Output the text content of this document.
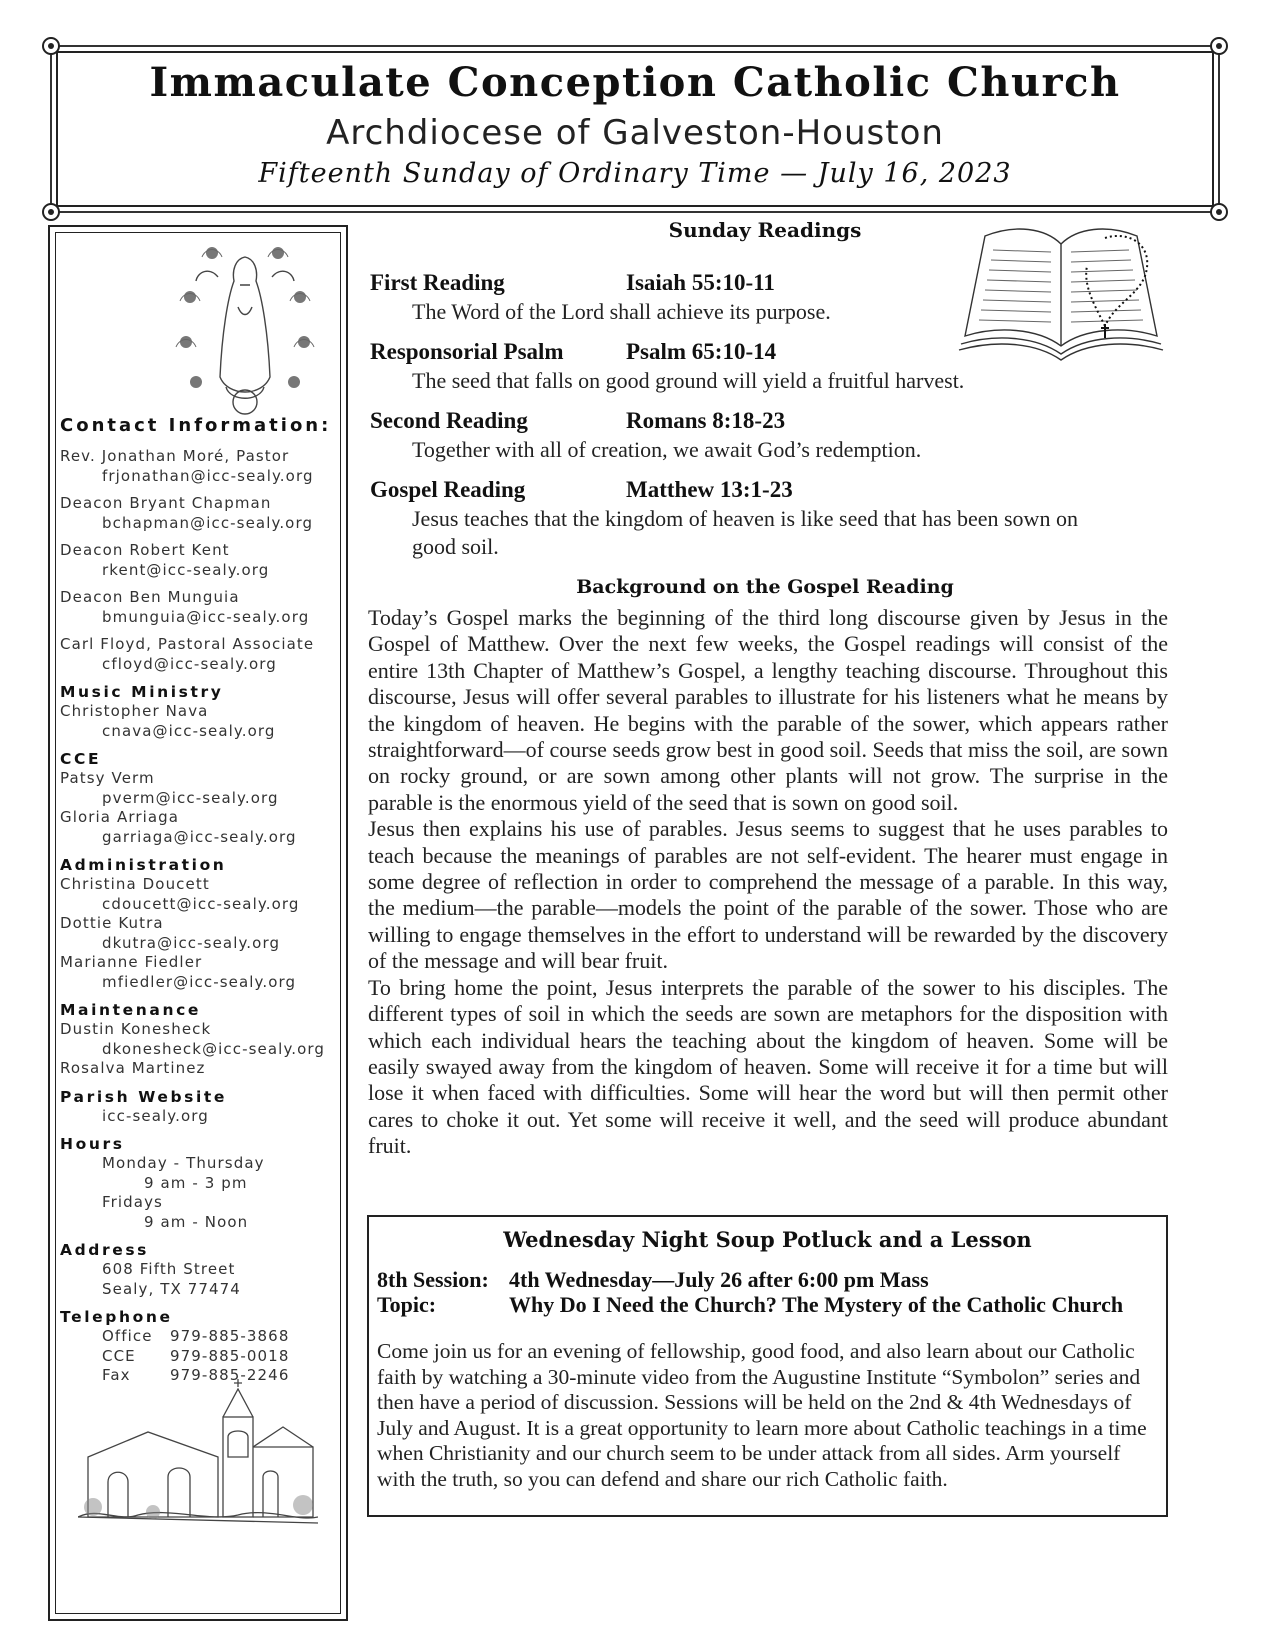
Immaculate Conception Catholic Church
Archdiocese of Galveston-Houston
Fifteenth Sunday of Ordinary Time — July 16, 2023
Contact Information:
Rev. Jonathan Moré, Pastor
frjonathan@icc-sealy.org
Deacon Bryant Chapman
bchapman@icc-sealy.org
Deacon Robert Kent
rkent@icc-sealy.org
Deacon Ben Munguia
bmunguia@icc-sealy.org
Carl Floyd, Pastoral Associate
cfloyd@icc-sealy.org
Music Ministry
Christopher Nava
cnava@icc-sealy.org
CCE
Patsy Verm
pverm@icc-sealy.org
Gloria Arriaga
garriaga@icc-sealy.org
Administration
Christina Doucett
cdoucett@icc-sealy.org
Dottie Kutra
dkutra@icc-sealy.org
Marianne Fiedler
mfiedler@icc-sealy.org
Maintenance
Dustin Konesheck
dkonesheck@icc-sealy.org
Rosalva Martinez
Parish Website
icc-sealy.org
Hours
Monday - Thursday
9 am - 3 pm
Fridays
9 am - Noon
Address
608 Fifth Street
Sealy, TX 77474
Telephone
Office 979-885-3868
CCE 979-885-0018
Fax	979-885-2246
Sunday Readings
First Reading	Isaiah 55:10-11
The Word of the Lord shall achieve its purpose.
Responsorial Psalm	Psalm 65:10-14
The seed that falls on good ground will yield a fruitful harvest.
Second Reading	Romans 8:18-23
Together with all of creation, we await God’s redemption.
Gospel Reading	Matthew 13:1-23
Jesus teaches that the kingdom of heaven is like seed that has been sown on good soil.
Background on the Gospel Reading

Today’s Gospel marks the beginning of the third long discourse given by Jesus in the Gospel of Matthew. Over the next few weeks, the Gospel readings will consist of the entire 13th Chapter of Matthew’s Gospel, a lengthy teaching discourse. Throughout this discourse, Jesus will offer several parables to illustrate for his listeners what he means by the kingdom of heaven. He begins with the parable of the sower, which appears rather straightforward—of course seeds grow best in good soil. Seeds that miss the soil, are sown on rocky ground, or are sown among other plants will not grow. The surprise in the parable is the enormous yield of the seed that is sown on good soil.

Jesus then explains his use of parables. Jesus seems to suggest that he uses parables to teach because the meanings of parables are not self-evident. The hearer must engage in some degree of reflection in order to comprehend the message of a parable. In this way, the medium—the parable—models the point of the parable of the sower. Those who are willing to engage themselves in the effort to understand will be rewarded by the discovery of the message and will bear fruit.

To bring home the point, Jesus interprets the parable of the sower to his disciples. The different types of soil in which the seeds are sown are metaphors for the disposition with which each individual hears the teaching about the kingdom of heaven. Some will be easily swayed away from the kingdom of heaven. Some will receive it for a time but will lose it when faced with difficulties. Some will hear the word but will then permit other cares to choke it out. Yet some will receive it well, and the seed will produce abundant fruit.

Wednesday Night Soup Potluck and a Lesson
8th Session: 4th Wednesday—July 26 after 6:00 pm Mass
Topic:	Why Do I Need the Church? The Mystery of the Catholic Church
Come join us for an evening of fellowship, good food, and also learn about our Catholic faith by watching a 30-minute video from the Augustine Institute “Symbolon” series and then have a period of discussion. Sessions will be held on the 2nd & 4th Wednesdays of July and August. It is a great opportunity to learn more about Catholic teachings in a time when Christianity and our church seem to be under attack from all sides. Arm yourself with the truth, so you can defend and share our rich Catholic faith.
